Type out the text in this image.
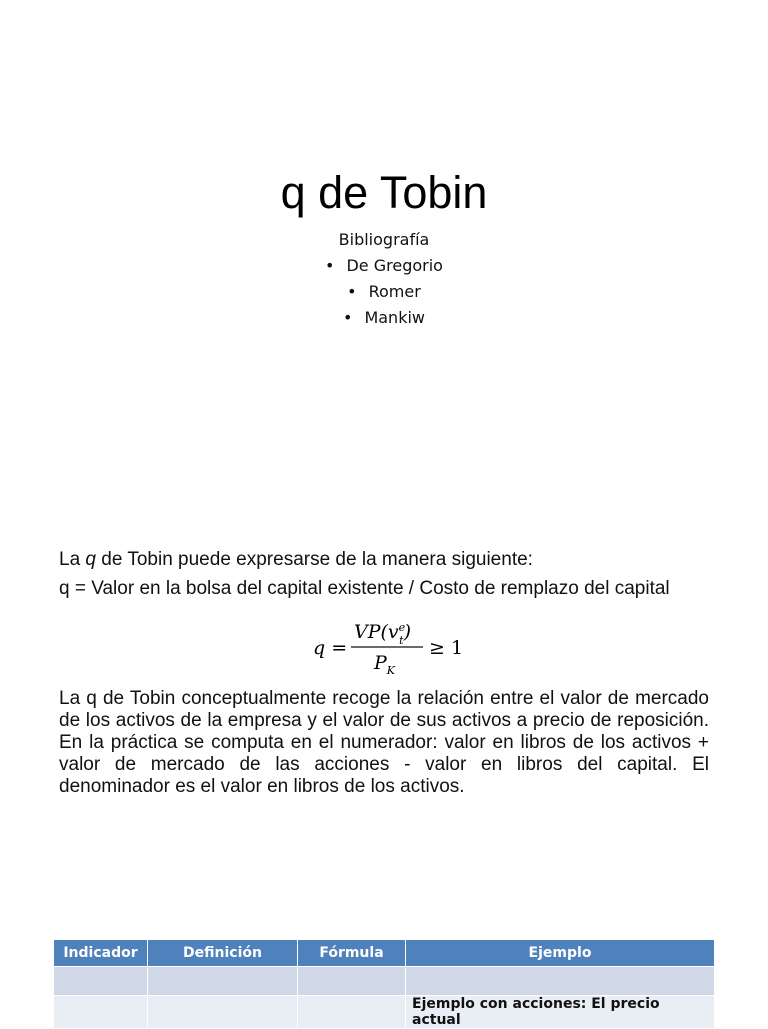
q de Tobin
Bibliografía
• De Gregorio
• Romer
• Mankiw
La q de Tobin puede expresarse de la manera siguiente:
q = Valor en la bolsa del capital existente / Costo de remplazo del capital
q =
$VP(v^e$ t)
$P_K$
≥ 1
La q de Tobin conceptualmente recoge la relación entre el valor de mercado de los activos de la empresa y el valor de sus activos a precio de reposición. En la práctica se computa en el numerador: valor en libros de los activos + valor de mercado de las acciones - valor en libros del capital. El denominador es el valor en libros de los activos.
Indicador	Definición	Fórmula	Ejemplo

			Ejemplo con acciones: El precio actual
